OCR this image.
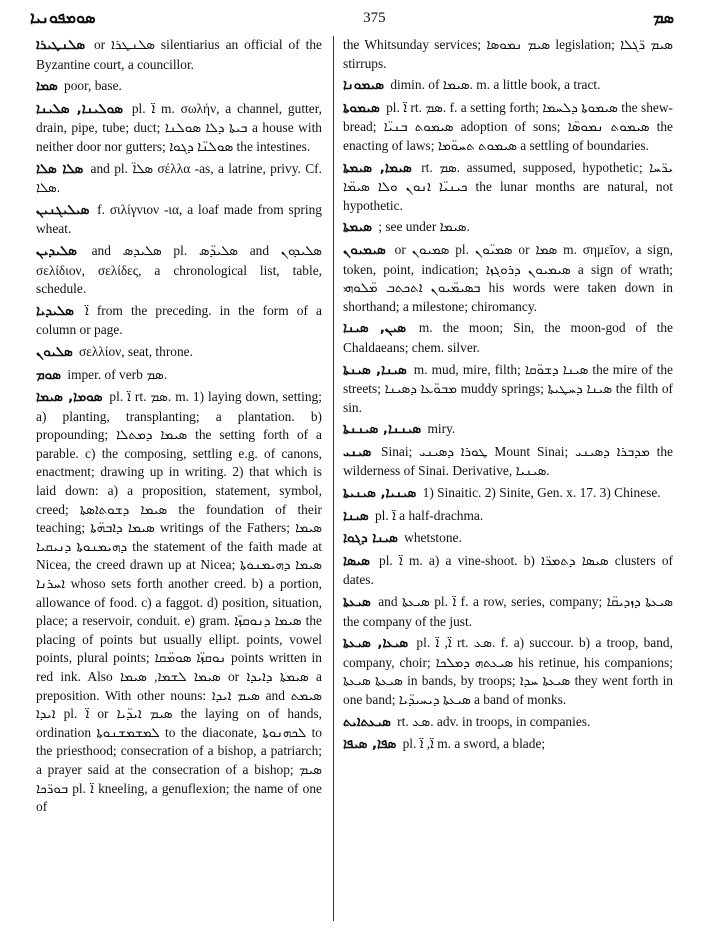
ܣܘܡܦܘܢܝܐ	375	ܣܡ

ܣܠܢܛܝܪܐ or ܣܠܢܛܪܐ silentiarius an official of the Byzantine court, a councillor.

ܣܡܐ poor, base.

ܣܘܠܝܢܐ, ܣܠܝܢܐ pl. ܐ̈ m. σωλήν, a channel, gutter, drain, pipe, tube; duct; ܒܝܬܐ ܕܠܐ ܣܘܠܢܐ a house with neither door nor gutters; ܣܘܠܢ̈ܐ ܕܓܘܐ the intestines.

ܣܠܐ ܣܠܐ and pl. ܣܠܐ̈ σέλλα -as, a latrine, privy. Cf. ܣܠܐ.

ܣܝܠܝܓܢܝܢ f. σιλίγνιον -ια, a loaf made from spring wheat.

ܣܠܝܕܝܢ and ܣܠܝܕܣ pl. ܣܠܝܕ̈ܣ and ܣܠܝܕܘܢ σελίδιον, σελίδες, a chronological list, table, schedule.

ܣܠܝܕܝܐ ܐ̈ from the preceding. in the form of a column or page.

ܣܠܝܘܢ σελλίον, seat, throne.

ܣܘܡ imper. of verb ܣܡ.

ܣܘܡܐ, ܣܝܡܐ pl. ܐ̈ rt. ܣܡ. m. 1) laying down, setting; a) planting, transplanting; a plantation. b) propounding; ܣܝܡܐ ܕܡܬܠܐ the setting forth of a parable. c) the composing, settling e.g. of canons, enactment; drawing up in writing. 2) that which is laid down: a) a proposition, statement, symbol, creed; ܣܝܡܐ ܕܫܘܬܐܣܬܐ the foundation of their teaching; ܣܝܡܐ ܕܐܒܗ̈ܬܐ writings of the Fathers; ܣܝܡܐ ܕܗܝܡܢܘܬܐ ܕܢܝܩܝܐ the statement of the faith made at Nicea, the creed drawn up at Nicea; ܣܝܡܐ ܕܗܝܡܢܘܬܐ ܐܚܪܢܐ whoso sets forth another creed. b) a portion, allowance of food. c) a faggot. d) position, situation, place; a reservoir, conduit. e) gram. ܣܝܡܐ ܕܢܘܩܙ̈ܐ the placing of points but usually ellipt. points, vowel points, plural points; ܢܘܩܙ̈ܐ ܣܘܡ̈ܩܐ points written in red ink. Also ܣܝܡܐ ܠܫܡܐ, ܣܝܡܐ or ܣܝܡܬܐ ܕܐܝܕܐ a preposition. With other nouns: ܣܝܡ ܐܝܕܐ and ܣܝܡܬ ܐܝܕܐ pl. ܐ̈ or ܣܝܡ ܐܝܕ̈ܝܐ the laying on of hands, ordination ܠܡܫܡܫܢܘܬܐ to the diaconate, ܠܟܗܢܘܬܐ to the priesthood; consecration of a bishop, a patriarch; a prayer said at the consecration of a bishop; ܣܝܡ ܒܘܪ̈ܟܐ pl. ܐ̈ kneeling, a genuflexion; the name of one of

the Whitsunday services; ܣܝܡ ܢܡܘܣܐ legislation; ܣܝܡ ܪ̈ܓܠܐ stirrups.

ܣܝܡܘܢܐ dimin. of ܣܝܡܐ. m. a little book, a tract.

ܣܝܡܘܬܐ pl. ܐ̈ rt. ܣܡ. f. a setting forth; ܣܝܡܘܬܐ ܕܠܚܡܐ the shew-bread; ܣܝܡܘܬ ܒܢܝ̈ܐ adoption of sons; ܣܝܡܘܬ ܢܡܘܣ̈ܐ the enacting of laws; ܣܝܡܘܬ ܬܚܘ̈ܡܐ a settling of boundaries.

ܣܝܡܐ, ܣܝܡܬܐ rt. ܣܡ. assumed, supposed, hypothetic; ܝܪ̈ܚܐ ܟܝܢܝ̈ܐ ܐܢܘܢ ܘܠܐ ܣܝܡ̈ܐ the lunar months are natural, not hypothetic.

ܣܝܡܬܐ ; see under ܣܝܡܐ.

ܣܝܡܝܘܢ or ܣܡܝܘܢ pl. ܣܡܝ̈ܘܢ or ܣܡܐ m. σημεῖον, a sign, token, point, indication; ܣܝܡܝܘܢ ܕܪܘܓܙܐ a sign of wrath; ܒܣܝܡ̈ܝܘܢ ܐܬܟܬܒ ܡ̈ܠܘܗܝ his words were taken down in shorthand; a milestone; chiromancy.

ܣܝܢ, ܣܝܢܐ m. the moon; Sin, the moon-god of the Chaldaeans; chem. silver.

ܣܝܢܐ, ܣܝܢܬܐ m. mud, mire, filth; ܣܝܢܐ ܕܫܘ̈ܩܐ the mire of the streets; ܡܒܘ̈ܥܐ ܕܣܝܢܐ muddy springs; ܣܝܢܐ ܕܚܛܝܬܐ the filth of sin.

ܣܝܢܢܐ, ܣܝܢܢܬܐ miry.

ܣܝܢܝ Sinai; ܛܘܪܐ ܕܣܝܢܝ Mount Sinai; ܡܕܒܪܐ ܕܣܝܢܝ the wilderness of Sinai. Derivative, ܣܝܢܝܐ.

ܣܝܢܝܐ, ܣܝܢܝܬܐ 1) Sinaitic. 2) Sinite, Gen. x. 17. 3) Chinese.

ܣܝܢܐ pl. ܐ̈ a half-drachma.

ܣܝܢܐ ܕܓܘܐ whetstone.

ܣܝܣܐ pl. ܐ̈ m. a) a vine-shoot. b) ܣܝܣܐ ܕܬܡܪ̈ܐ clusters of dates.

ܣܝܥܬܐ and ܣܝܥܬܐ pl. ܐ̈ f. a row, series, company; ܣܝܥܬܐ ܕܙܕܝܩ̈ܐ the company of the just.

ܣܝܥܐ, ܣܝܥܬܐ pl. ܐ̈, ܐ̈ rt. ܣܥ. f. a) succour. b) a troop, band, company, choir; ܣܝܥܬܗ ܕܡܠܟܐ his retinue, his companions; ܣܝܥܬܐ ܣܝܥܬܐ in bands, by troops; ܣܝܥܬܐ ܚܕܐ they went forth in one band; ܣܝܥܬܐ ܕܝܚܝܕ̈ܝܐ a band of monks.

ܣܝܥܬܐܝܬ rt. ܣܥ. adv. in troops, in companies.

ܣܦܐ, ܣܝܦܐ pl. ܐ̈, ܐ̈ m. a sword, a blade;
